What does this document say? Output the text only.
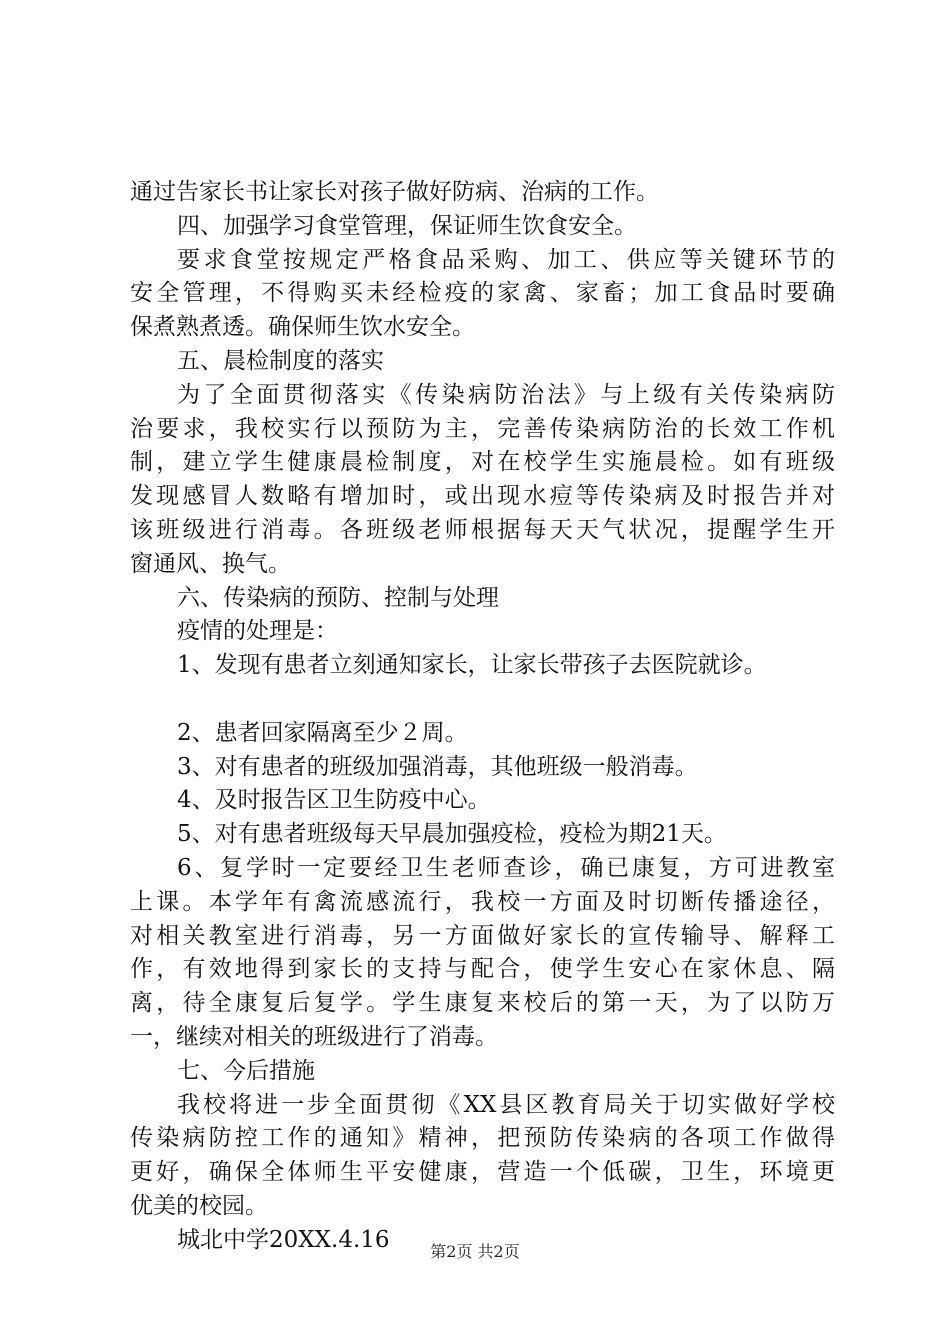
通过告家长书让家长对孩子做好防病、治病的工作。
四、加强学习食堂管理，保证师生饮食安全。
要求食堂按规定严格食品采购、加工、供应等关键环节的
安全管理，不得购买未经检疫的家禽、家畜；加工食品时要确
保煮熟煮透。确保师生饮水安全。
五、晨检制度的落实
为了全面贯彻落实《传染病防治法》与上级有关传染病防
治要求，我校实行以预防为主，完善传染病防治的长效工作机
制，建立学生健康晨检制度，对在校学生实施晨检。如有班级
发现感冒人数略有增加时，或出现水痘等传染病及时报告并对
该班级进行消毒。各班级老师根据每天天气状况，提醒学生开
窗通风、换气。
六、传染病的预防、控制与处理
疫情的处理是：
1、发现有患者立刻通知家长，让家长带孩子去医院就诊。
2、患者回家隔离至少２周。
3、对有患者的班级加强消毒，其他班级一般消毒。
4、及时报告区卫生防疫中心。
5、对有患者班级每天早晨加强疫检，疫检为期21天。
6、复学时一定要经卫生老师查诊，确已康复，方可进教室
上课。本学年有禽流感流行，我校一方面及时切断传播途径，
对相关教室进行消毒，另一方面做好家长的宣传输导、解释工
作，有效地得到家长的支持与配合，使学生安心在家休息、隔
离，待全康复后复学。学生康复来校后的第一天，为了以防万
一，继续对相关的班级进行了消毒。
七、今后措施
我校将进一步全面贯彻《XX县区教育局关于切实做好学校
传染病防控工作的通知》精神，把预防传染病的各项工作做得
更好，确保全体师生平安健康，营造一个低碳，卫生，环境更
优美的校园。
城北中学20XX.4.16	第2页 共2页
